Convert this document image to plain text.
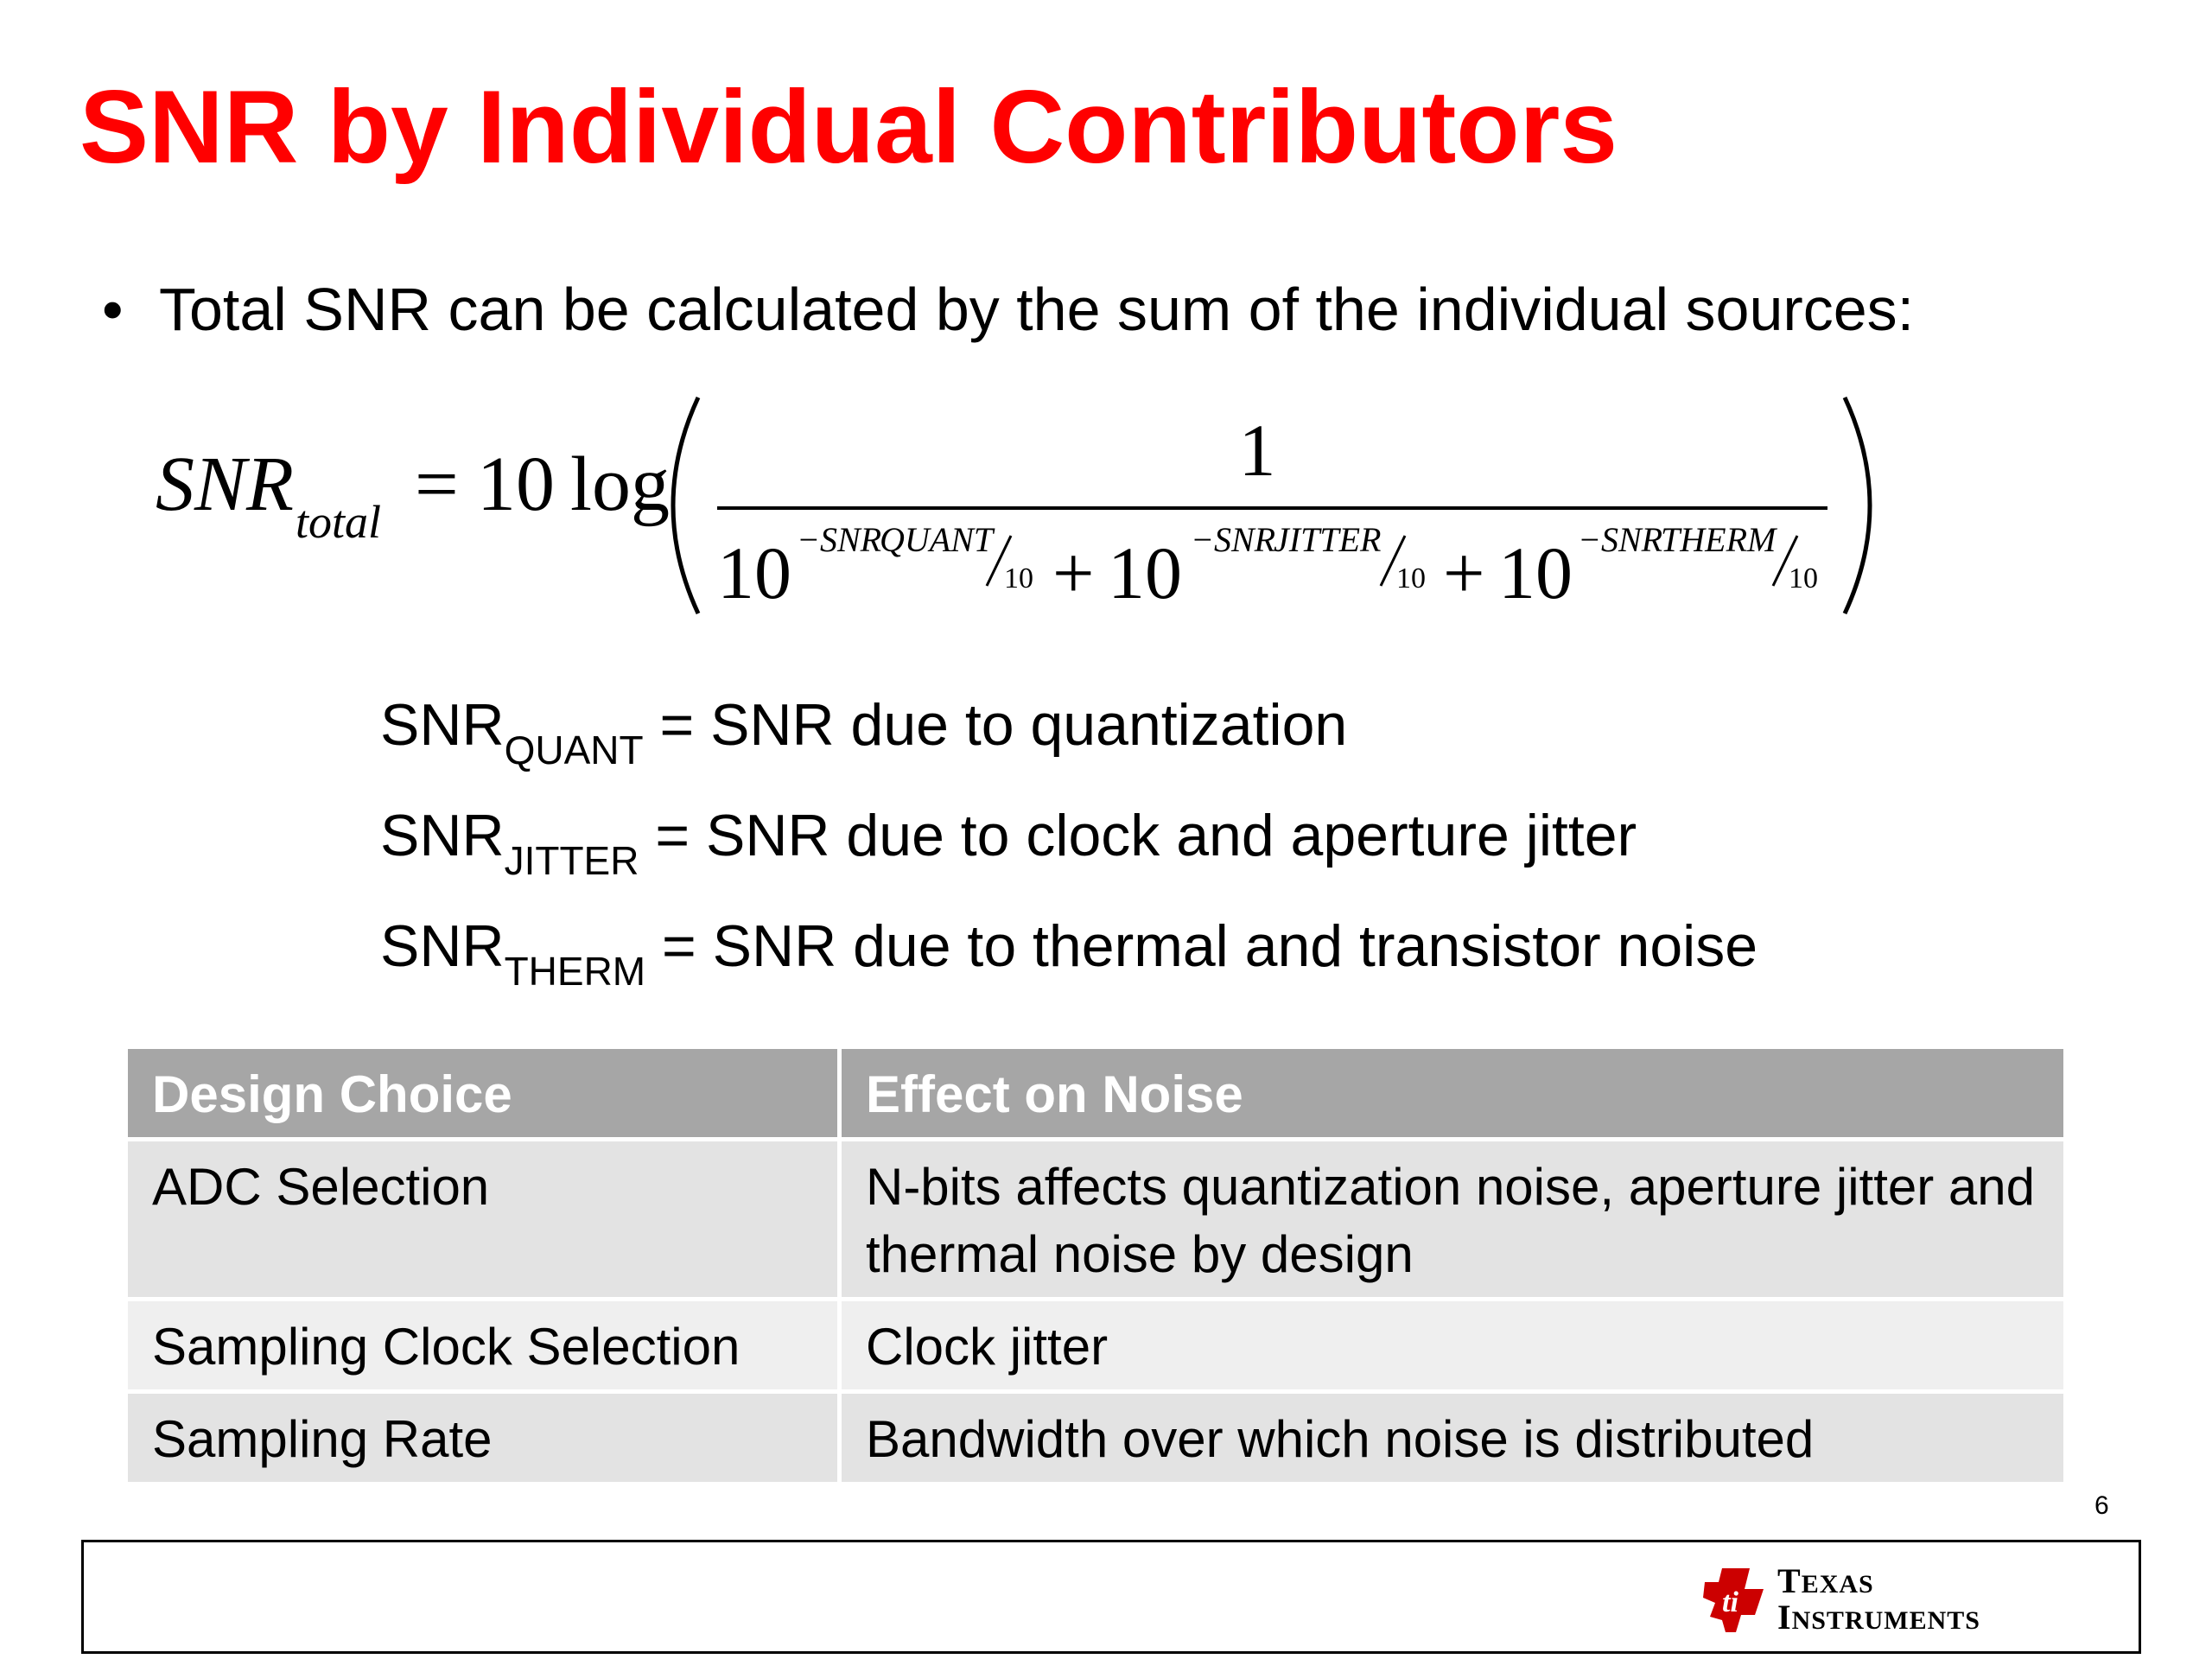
SNR by Individual Contributors
• Total SNR can be calculated by the sum of the individual sources:
SNR total = 10 log	1
10 −SNR
QUANT
10 + 10 −SNR
JITTER
10 + 10 −SNR
THERM
10
$SNR_{QUANT}$ = SNR due to quantization
$SNR_{JITTER}$ = SNR due to clock and aperture jitter
$SNR_{THERM}$ = SNR due to thermal and transistor noise
Design Choice	Effect on Noise
ADC Selection	N-bits affects quantization noise, aperture jitter and thermal noise by design
Sampling Clock Selection	Clock jitter
Sampling Rate	Bandwidth over which noise is distributed
6
ti
TEXAS
INSTRUMENTS
